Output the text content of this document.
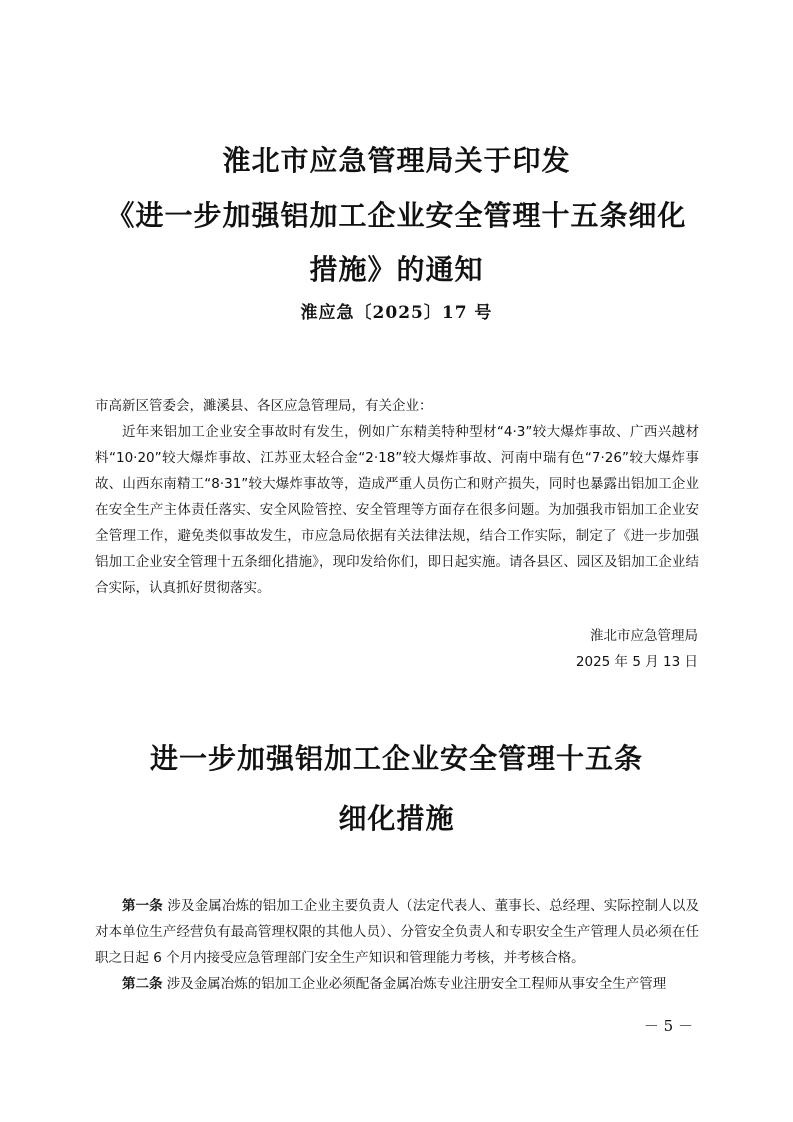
淮北市应急管理局关于印发
《进一步加强铝加工企业安全管理十五条细化
措施》的通知
淮应急〔2025〕17 号
市高新区管委会，濉溪县、各区应急管理局，有关企业：
近年来铝加工企业安全事故时有发生，例如广东精美特种型材“4·3”较大爆炸事故、广西兴越材料“10·20”较大爆炸事故、江苏亚太轻合金“2·18”较大爆炸事故、河南中瑞有色“7·26”较大爆炸事故、山西东南精工“8·31”较大爆炸事故等，造成严重人员伤亡和财产损失，同时也暴露出铝加工企业在安全生产主体责任落实、安全风险管控、安全管理等方面存在很多问题。为加强我市铝加工企业安全管理工作，避免类似事故发生，市应急局依据有关法律法规，结合工作实际，制定了《进一步加强铝加工企业安全管理十五条细化措施》，现印发给你们，即日起实施。请各县区、园区及铝加工企业结合实际，认真抓好贯彻落实。
淮北市应急管理局
2025 年 5 月 13 日
进一步加强铝加工企业安全管理十五条
细化措施
第一条 涉及金属冶炼的铝加工企业主要负责人（法定代表人、董事长、总经理、实际控制人以及对本单位生产经营负有最高管理权限的其他人员）、分管安全负责人和专职安全生产管理人员必须在任职之日起 6 个月内接受应急管理部门安全生产知识和管理能力考核，并考核合格。
第二条 涉及金属冶炼的铝加工企业必须配备金属冶炼专业注册安全工程师从事安全生产管理
－ 5 －
